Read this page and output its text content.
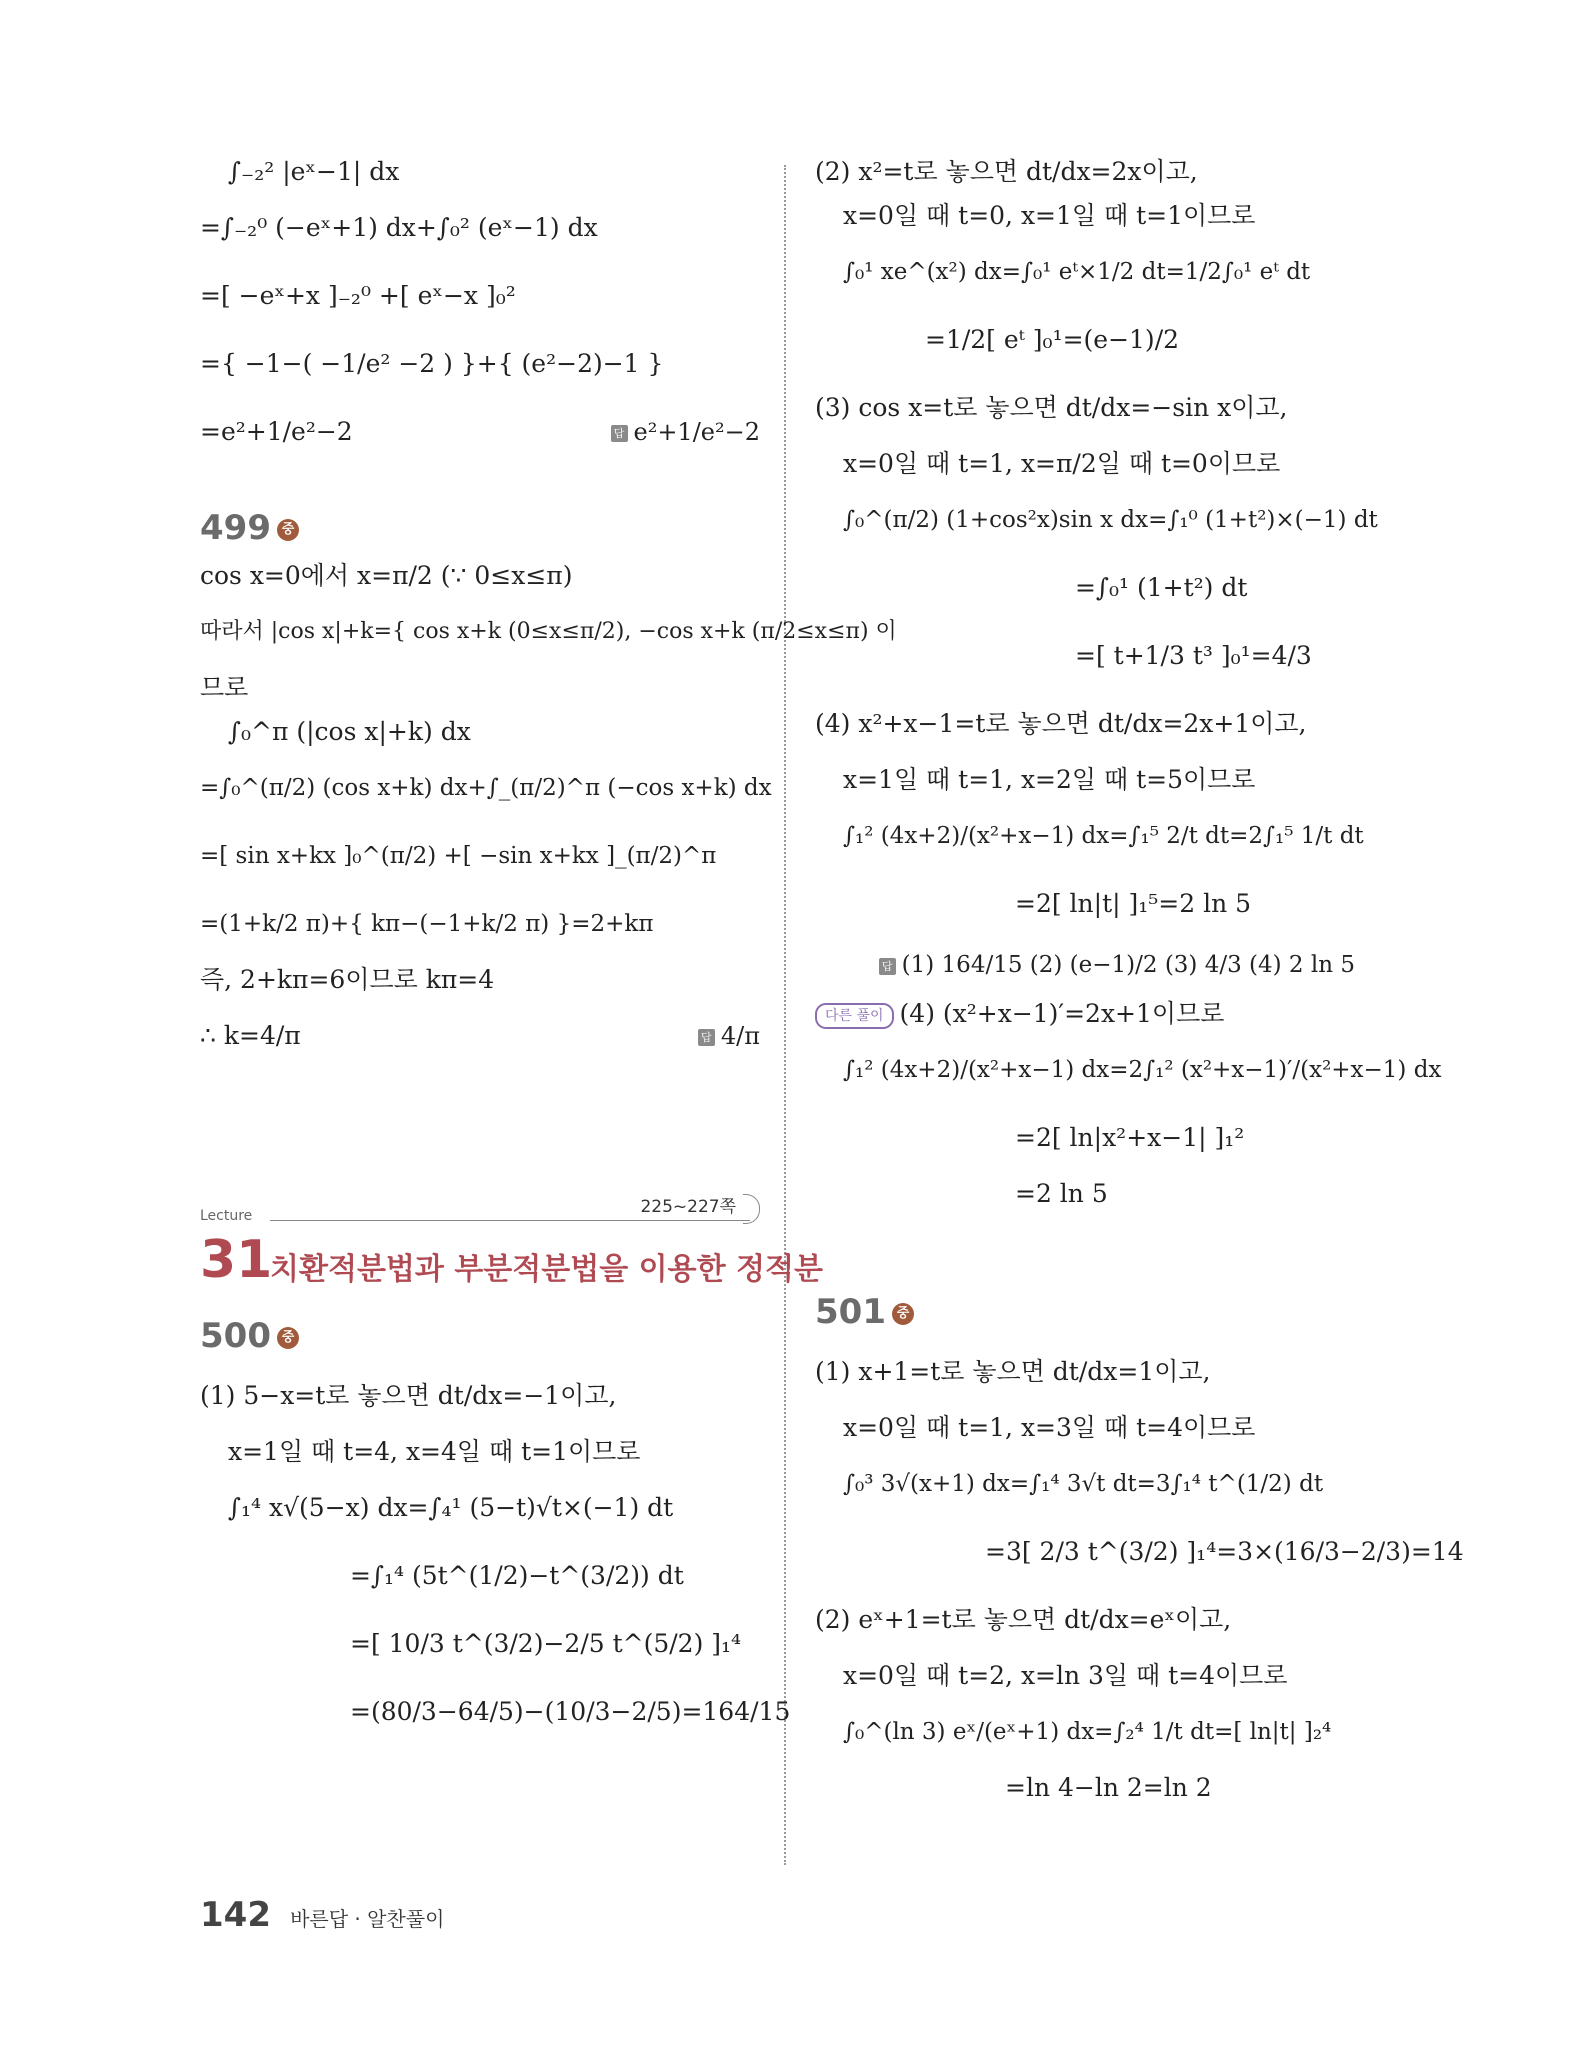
∫₋₂² |eˣ−1| dx
=∫₋₂⁰ (−eˣ+1) dx+∫₀² (eˣ−1) dx
=[ −eˣ+x ]₋₂⁰ +[ eˣ−x ]₀²
={ −1−( −1/e² −2 ) }+{ (e²−2)−1 }
=e²+1/e²−2	답 e²+1/e²−2
499 중
cos x=0에서 x=π/2 (∵ 0≤x≤π)
따라서 |cos x|+k={ cos x+k (0≤x≤π/2), −cos x+k (π/2≤x≤π) 이
므로
∫₀^π (|cos x|+k) dx
=∫₀^(π/2) (cos x+k) dx+∫_(π/2)^π (−cos x+k) dx
=[ sin x+kx ]₀^(π/2) +[ −sin x+kx ]_(π/2)^π
=(1+k/2 π)+{ kπ−(−1+k/2 π) }=2+kπ
즉, 2+kπ=6이므로 kπ=4
∴ k=4/π	답 4/π
Lecture	225~227쪽
31
치환적분법과 부분적분법을 이용한 정적분
500 중
(1) 5−x=t로 놓으면 dt/dx=−1이고,
x=1일 때 t=4, x=4일 때 t=1이므로
∫₁⁴ x√(5−x) dx=∫₄¹ (5−t)√t×(−1) dt
=∫₁⁴ (5t^(1/2)−t^(3/2)) dt
=[ 10/3 t^(3/2)−2/5 t^(5/2) ]₁⁴
=(80/3−64/5)−(10/3−2/5)=164/15
(2) x²=t로 놓으면 dt/dx=2x이고,
x=0일 때 t=0, x=1일 때 t=1이므로
∫₀¹ xe^(x²) dx=∫₀¹ eᵗ×1/2 dt=1/2∫₀¹ eᵗ dt
=1/2[ eᵗ ]₀¹=(e−1)/2
(3) cos x=t로 놓으면 dt/dx=−sin x이고,
x=0일 때 t=1, x=π/2일 때 t=0이므로
∫₀^(π/2) (1+cos²x)sin x dx=∫₁⁰ (1+t²)×(−1) dt
=∫₀¹ (1+t²) dt
=[ t+1/3 t³ ]₀¹=4/3
(4) x²+x−1=t로 놓으면 dt/dx=2x+1이고,
x=1일 때 t=1, x=2일 때 t=5이므로
∫₁² (4x+2)/(x²+x−1) dx=∫₁⁵ 2/t dt=2∫₁⁵ 1/t dt
=2[ ln|t| ]₁⁵=2 ln 5
답 (1) 164/15 (2) (e−1)/2 (3) 4/3 (4) 2 ln 5
다른 풀이 (4) (x²+x−1)′=2x+1이므로
∫₁² (4x+2)/(x²+x−1) dx=2∫₁² (x²+x−1)′/(x²+x−1) dx
=2[ ln|x²+x−1| ]₁²
=2 ln 5
501 중
(1) x+1=t로 놓으면 dt/dx=1이고,
x=0일 때 t=1, x=3일 때 t=4이므로
∫₀³ 3√(x+1) dx=∫₁⁴ 3√t dt=3∫₁⁴ t^(1/2) dt
=3[ 2/3 t^(3/2) ]₁⁴=3×(16/3−2/3)=14
(2) eˣ+1=t로 놓으면 dt/dx=eˣ이고,
x=0일 때 t=2, x=ln 3일 때 t=4이므로
∫₀^(ln 3) eˣ/(eˣ+1) dx=∫₂⁴ 1/t dt=[ ln|t| ]₂⁴
=ln 4−ln 2=ln 2
142 바른답 · 알찬풀이
